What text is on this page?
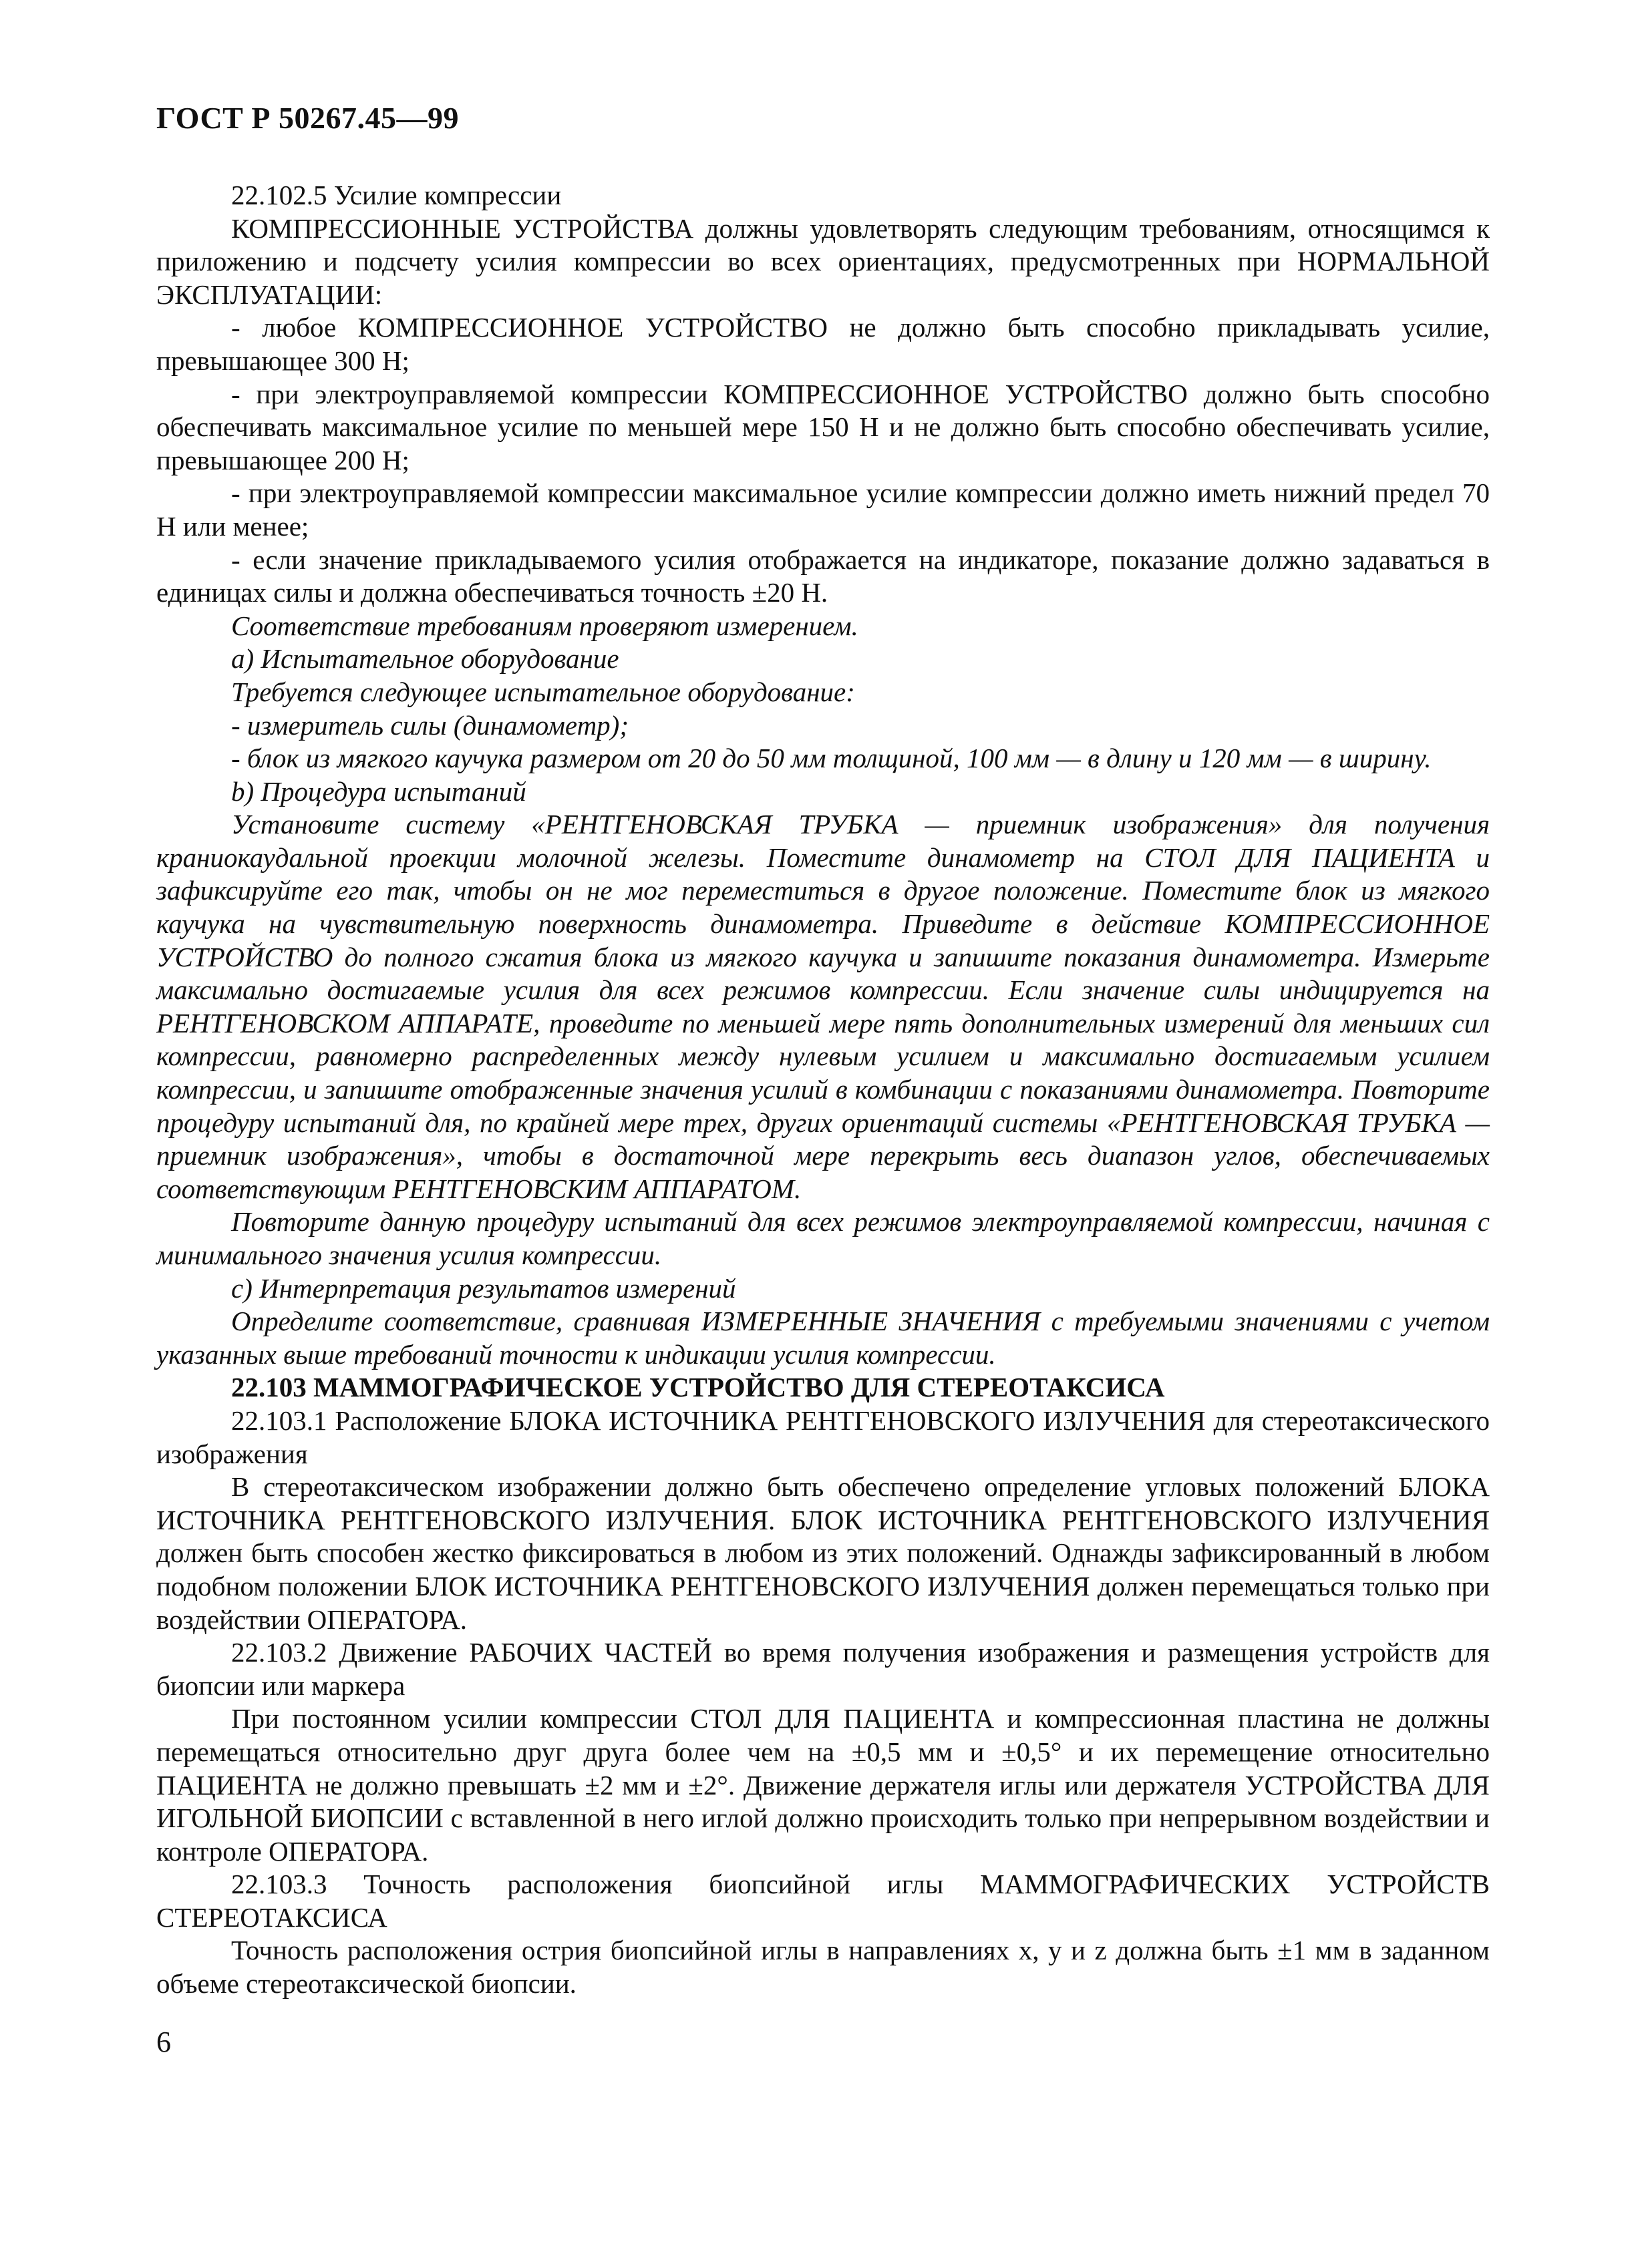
ГОСТ Р 50267.45—99

22.102.5 Усилие компрессии

КОМПРЕССИОННЫЕ УСТРОЙСТВА должны удовлетворять следующим требованиям, относящимся к приложению и подсчету усилия компрессии во всех ориентациях, предусмотренных при НОРМАЛЬНОЙ ЭКСПЛУАТАЦИИ:

- любое КОМПРЕССИОННОЕ УСТРОЙСТВО не должно быть способно прикладывать усилие, превышающее 300 Н;

- при электроуправляемой компрессии КОМПРЕССИОННОЕ УСТРОЙСТВО должно быть способно обеспечивать максимальное усилие по меньшей мере 150 Н и не должно быть способно обеспечивать усилие, превышающее 200 Н;

- при электроуправляемой компрессии максимальное усилие компрессии должно иметь нижний предел 70 Н или менее;

- если значение прикладываемого усилия отображается на индикаторе, показание должно задаваться в единицах силы и должна обеспечиваться точность ±20 Н.

Соответствие требованиям проверяют измерением.

а) Испытательное оборудование

Требуется следующее испытательное оборудование:

- измеритель силы (динамометр);

- блок из мягкого каучука размером от 20 до 50 мм толщиной, 100 мм — в длину и 120 мм — в ширину.

b) Процедура испытаний

Установите систему «РЕНТГЕНОВСКАЯ ТРУБКА — приемник изображения» для получения краниокаудальной проекции молочной железы. Поместите динамометр на СТОЛ ДЛЯ ПАЦИЕНТА и зафиксируйте его так, чтобы он не мог переместиться в другое положение. Поместите блок из мягкого каучука на чувствительную поверхность динамометра. Приведите в действие КОМПРЕССИОННОЕ УСТРОЙСТВО до полного сжатия блока из мягкого каучука и запишите показания динамометра. Измерьте максимально достигаемые усилия для всех режимов компрессии. Если значение силы индицируется на РЕНТГЕНОВСКОМ АППАРАТЕ, проведите по меньшей мере пять дополнительных измерений для меньших сил компрессии, равномерно распределенных между нулевым усилием и максимально достигаемым усилием компрессии, и запишите отображенные значения усилий в комбинации с показаниями динамометра. Повторите процедуру испытаний для, по крайней мере трех, других ориентаций системы «РЕНТГЕНОВСКАЯ ТРУБКА — приемник изображения», чтобы в достаточной мере перекрыть весь диапазон углов, обеспечиваемых соответствующим РЕНТГЕНОВСКИМ АППАРАТОМ.

Повторите данную процедуру испытаний для всех режимов электроуправляемой компрессии, начиная с минимального значения усилия компрессии.

с) Интерпретация результатов измерений

Определите соответствие, сравнивая ИЗМЕРЕННЫЕ ЗНАЧЕНИЯ с требуемыми значениями с учетом указанных выше требований точности к индикации усилия компрессии.

22.103 МАММОГРАФИЧЕСКОЕ УСТРОЙСТВО ДЛЯ СТЕРЕОТАКСИСА

22.103.1 Расположение БЛОКА ИСТОЧНИКА РЕНТГЕНОВСКОГО ИЗЛУЧЕНИЯ для стереотаксического изображения

В стереотаксическом изображении должно быть обеспечено определение угловых положений БЛОКА ИСТОЧНИКА РЕНТГЕНОВСКОГО ИЗЛУЧЕНИЯ. БЛОК ИСТОЧНИКА РЕНТГЕНОВСКОГО ИЗЛУЧЕНИЯ должен быть способен жестко фиксироваться в любом из этих положений. Однажды зафиксированный в любом подобном положении БЛОК ИСТОЧНИКА РЕНТГЕНОВСКОГО ИЗЛУЧЕНИЯ должен перемещаться только при воздействии ОПЕРАТОРА.

22.103.2 Движение РАБОЧИХ ЧАСТЕЙ во время получения изображения и размещения устройств для биопсии или маркера

При постоянном усилии компрессии СТОЛ ДЛЯ ПАЦИЕНТА и компрессионная пластина не должны перемещаться относительно друг друга более чем на ±0,5 мм и ±0,5° и их перемещение относительно ПАЦИЕНТА не должно превышать ±2 мм и ±2°. Движение держателя иглы или держателя УСТРОЙСТВА ДЛЯ ИГОЛЬНОЙ БИОПСИИ с вставленной в него иглой должно происходить только при непрерывном воздействии и контроле ОПЕРАТОРА.

22.103.3 Точность расположения биопсийной иглы МАММОГРАФИЧЕСКИХ УСТРОЙСТВ СТЕРЕОТАКСИСА

Точность расположения острия биопсийной иглы в направлениях x, y и z должна быть ±1 мм в заданном объеме стереотаксической биопсии.

6
